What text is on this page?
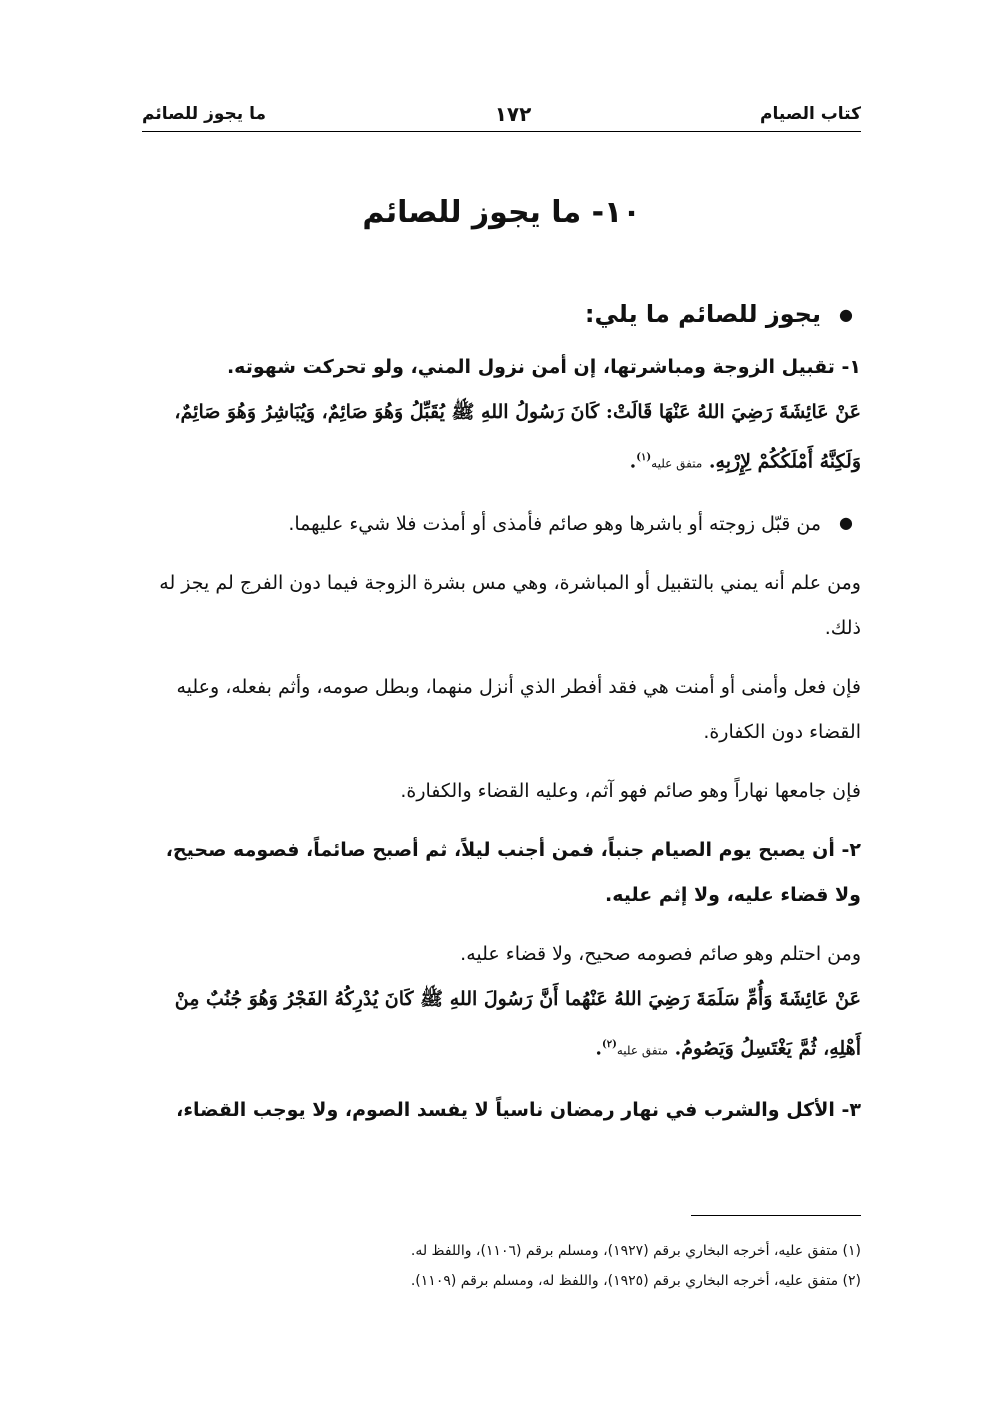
كتاب الصيام
١٧٢
ما يجوز للصائم
١٠- ما يجوز للصائم

● يجوز للصائم ما يلي:

١- تقبيل الزوجة ومباشرتها، إن أمن نزول المني، ولو تحركت شهوته.

عَنْ عَائِشَةَ رَضِيَ اللهُ عَنْهَا قَالَتْ: كَانَ رَسُولُ اللهِ ﷺ يُقَبِّلُ وَهُوَ صَائِمٌ، وَيُبَاشِرُ وَهُوَ صَائِمٌ، وَلَكِنَّهُ أَمْلَكُكُمْ لِإِرْبِهِ. متفق عليه$^{(١)}$.

● من قبّل زوجته أو باشرها وهو صائم فأمذى أو أمذت فلا شيء عليهما.

ومن علم أنه يمني بالتقبيل أو المباشرة، وهي مس بشرة الزوجة فيما دون الفرج لم يجز له ذلك.

فإن فعل وأمنى أو أمنت هي فقد أفطر الذي أنزل منهما، وبطل صومه، وأثم بفعله، وعليه القضاء دون الكفارة.

فإن جامعها نهاراً وهو صائم فهو آثم، وعليه القضاء والكفارة.

٢- أن يصبح يوم الصيام جنباً، فمن أجنب ليلاً، ثم أصبح صائماً، فصومه صحيح، ولا قضاء عليه، ولا إثم عليه.

ومن احتلم وهو صائم فصومه صحيح، ولا قضاء عليه.

عَنْ عَائِشَةَ وَأُمِّ سَلَمَةَ رَضِيَ اللهُ عَنْهُما أَنَّ رَسُولَ اللهِ ﷺ كَانَ يُدْرِكُهُ الفَجْرُ وَهُوَ جُنُبٌ مِنْ أَهْلِهِ، ثُمَّ يَغْتَسِلُ وَيَصُومُ. متفق عليه$^{(٢)}$.

٣- الأكل والشرب في نهار رمضان ناسياً لا يفسد الصوم، ولا يوجب القضاء،

(١) متفق عليه، أخرجه البخاري برقم (١٩٢٧)، ومسلم برقم (١١٠٦)، واللفظ له.

(٢) متفق عليه، أخرجه البخاري برقم (١٩٢٥)، واللفظ له، ومسلم برقم (١١٠٩).
